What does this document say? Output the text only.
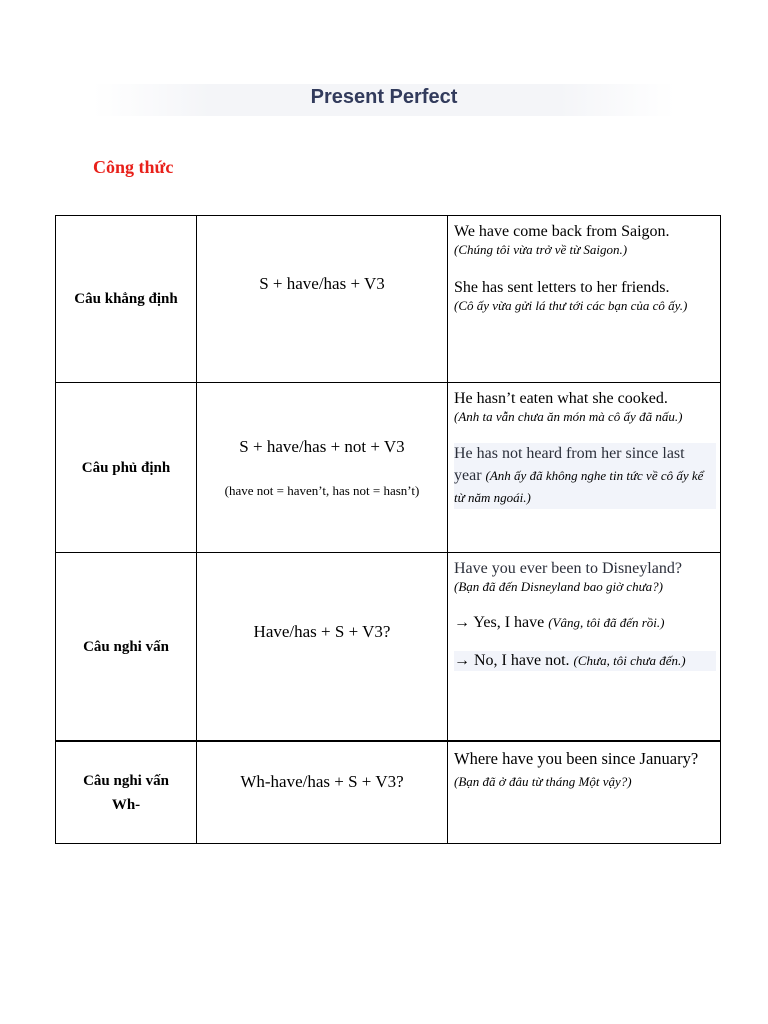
Present Perfect
Công thức
Câu khẳng định
S + have/has + V3
We have come back from Saigon.
(Chúng tôi vừa trở về từ Saigon.)
She has sent letters to her friends.
(Cô ấy vừa gửi lá thư tới các bạn của cô ấy.)
Câu phủ định
S + have/has + not + V3
(have not = haven’t, has not = hasn’t)
He hasn’t eaten what she cooked.
(Anh ta vẫn chưa ăn món mà cô ấy đã nấu.)
He has not heard from her since last year (Anh ấy đã không nghe tin tức về cô ấy kể từ năm ngoái.)
Câu nghi vấn
Have/has + S + V3?
Have you ever been to Disneyland?
(Bạn đã đến Disneyland bao giờ chưa?)
→ Yes, I have (Vâng, tôi đã đến rồi.)
→ No, I have not. (Chưa, tôi chưa đến.)
Câu nghi vấn Wh-
Wh-have/has + S + V3?
Where have you been since January? (Bạn đã ở đâu từ tháng Một vậy?)
